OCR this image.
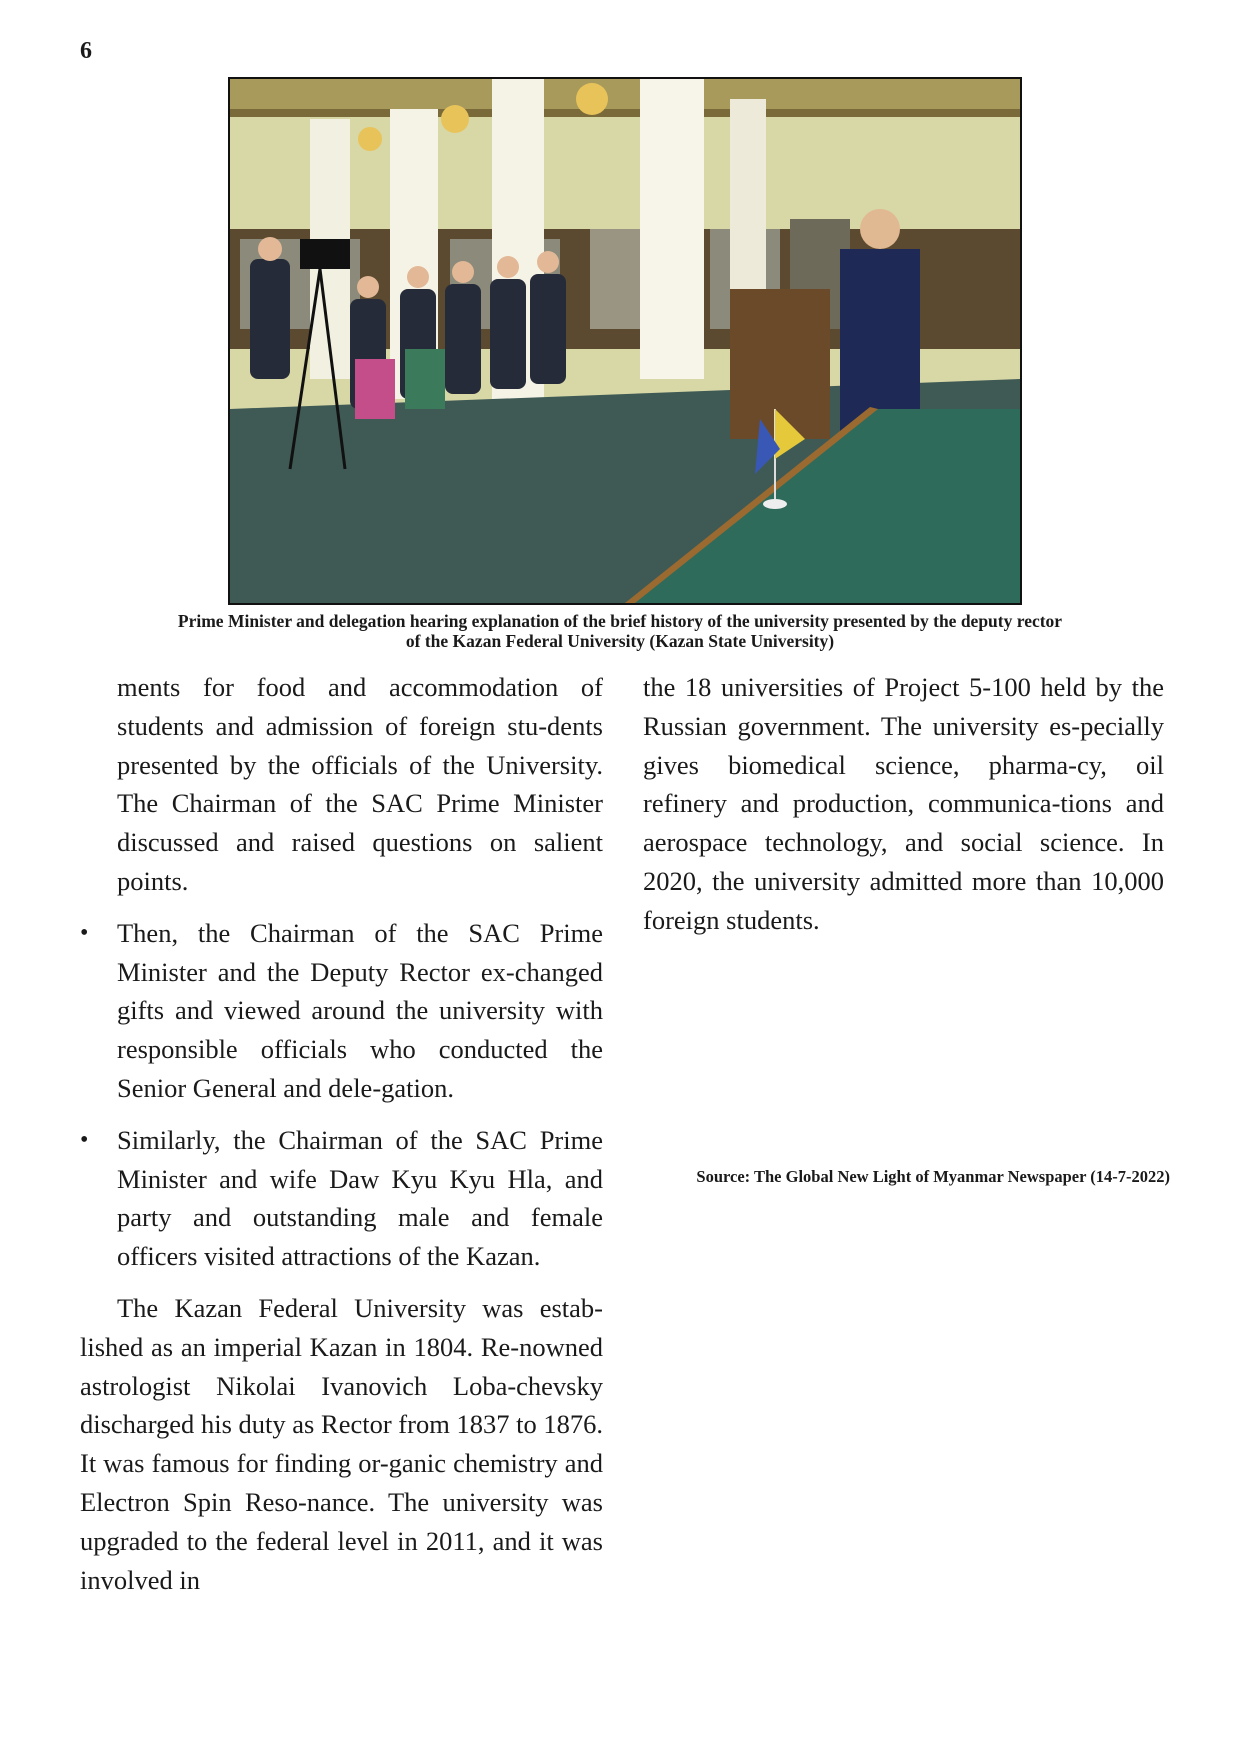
6
Prime Minister and delegation hearing explanation of the brief history of the university presented by the deputy rector
of the Kazan Federal University (Kazan State University)

ments for food and accommodation of students and admission of foreign stu-dents presented by the officials of the University. The Chairman of the SAC Prime Minister discussed and raised questions on salient points.

• Then, the Chairman of the SAC Prime Minister and the Deputy Rector ex-changed gifts and viewed around the university with responsible officials who conducted the Senior General and dele-gation.

• Similarly, the Chairman of the SAC Prime Minister and wife Daw Kyu Kyu Hla, and party and outstanding male and female officers visited attractions of the Kazan.

The Kazan Federal University was estab-lished as an imperial Kazan in 1804. Re-nowned astrologist Nikolai Ivanovich Loba-chevsky discharged his duty as Rector from 1837 to 1876. It was famous for finding or-ganic chemistry and Electron Spin Reso-nance. The university was upgraded to the federal level in 2011, and it was involved in

the 18 universities of Project 5-100 held by the Russian government. The university es-pecially gives biomedical science, pharma-cy, oil refinery and production, communica-tions and aerospace technology, and social science. In 2020, the university admitted more than 10,000 foreign students.

Source: The Global New Light of Myanmar Newspaper (14-7-2022)
